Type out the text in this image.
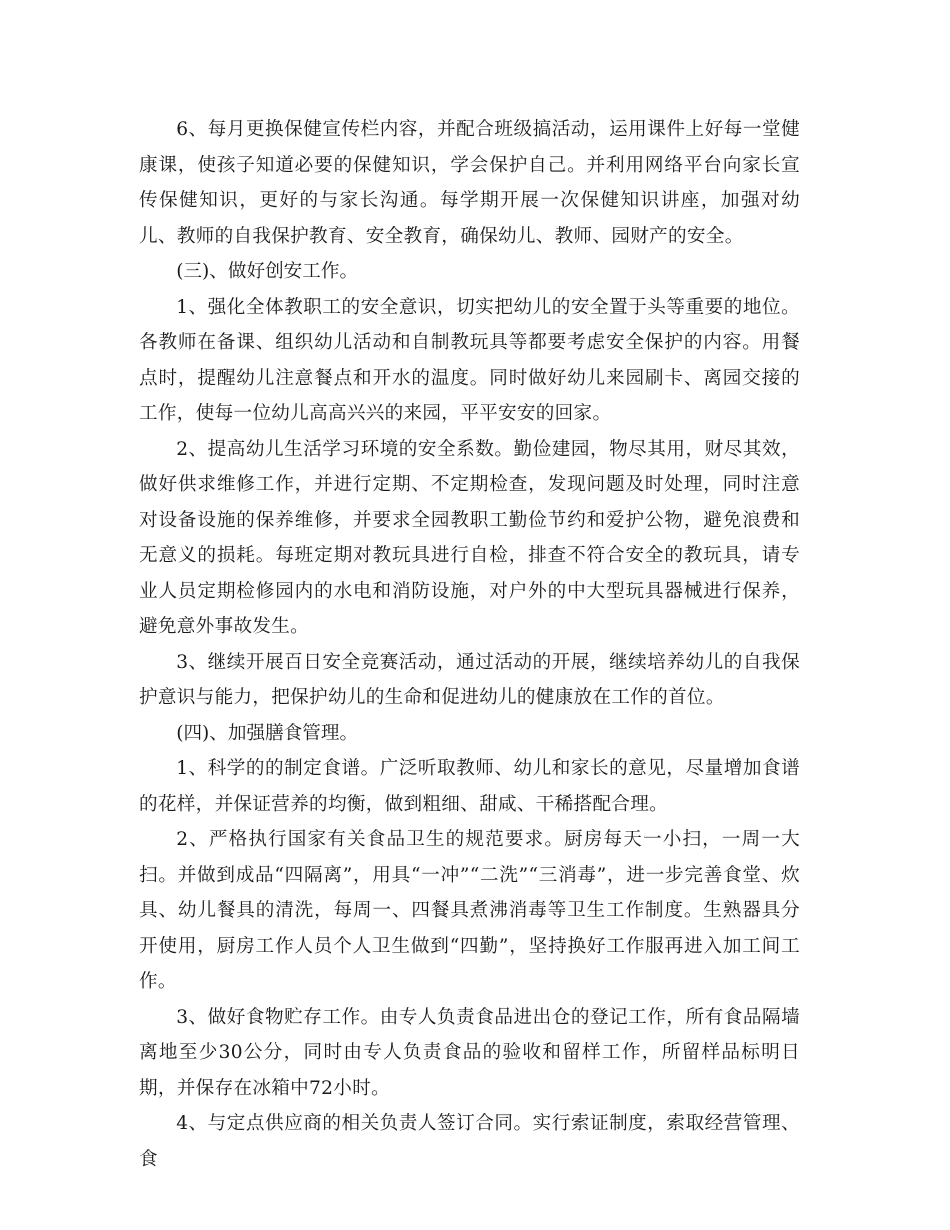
6、每月更换保健宣传栏内容，并配合班级搞活动，运用课件上好每一堂健康课，使孩子知道必要的保健知识，学会保护自己。并利用网络平台向家长宣传保健知识，更好的与家长沟通。每学期开展一次保健知识讲座，加强对幼儿、教师的自我保护教育、安全教育，确保幼儿、教师、园财产的安全。

(三)、做好创安工作。

1、强化全体教职工的安全意识，切实把幼儿的安全置于头等重要的地位。各教师在备课、组织幼儿活动和自制教玩具等都要考虑安全保护的内容。用餐点时，提醒幼儿注意餐点和开水的温度。同时做好幼儿来园刷卡、离园交接的工作，使每一位幼儿高高兴兴的来园，平平安安的回家。

2、提高幼儿生活学习环境的安全系数。勤俭建园，物尽其用，财尽其效，做好供求维修工作，并进行定期、不定期检查，发现问题及时处理，同时注意对设备设施的保养维修，并要求全园教职工勤俭节约和爱护公物，避免浪费和无意义的损耗。每班定期对教玩具进行自检，排查不符合安全的教玩具，请专业人员定期检修园内的水电和消防设施，对户外的中大型玩具器械进行保养，避免意外事故发生。

3、继续开展百日安全竞赛活动，通过活动的开展，继续培养幼儿的自我保护意识与能力，把保护幼儿的生命和促进幼儿的健康放在工作的首位。

(四)、加强膳食管理。

1、科学的的制定食谱。广泛听取教师、幼儿和家长的意见，尽量增加食谱的花样，并保证营养的均衡，做到粗细、甜咸、干稀搭配合理。

2、严格执行国家有关食品卫生的规范要求。厨房每天一小扫，一周一大扫。并做到成品“四隔离”，用具“一冲”“二洗”“三消毒”，进一步完善食堂、炊具、幼儿餐具的清洗，每周一、四餐具煮沸消毒等卫生工作制度。生熟器具分开使用，厨房工作人员个人卫生做到“四勤”，坚持换好工作服再进入加工间工作。

3、做好食物贮存工作。由专人负责食品进出仓的登记工作，所有食品隔墙离地至少30公分，同时由专人负责食品的验收和留样工作，所留样品标明日期，并保存在冰箱中72小时。

4、与定点供应商的相关负责人签订合同。实行索证制度，索取经营管理、食
